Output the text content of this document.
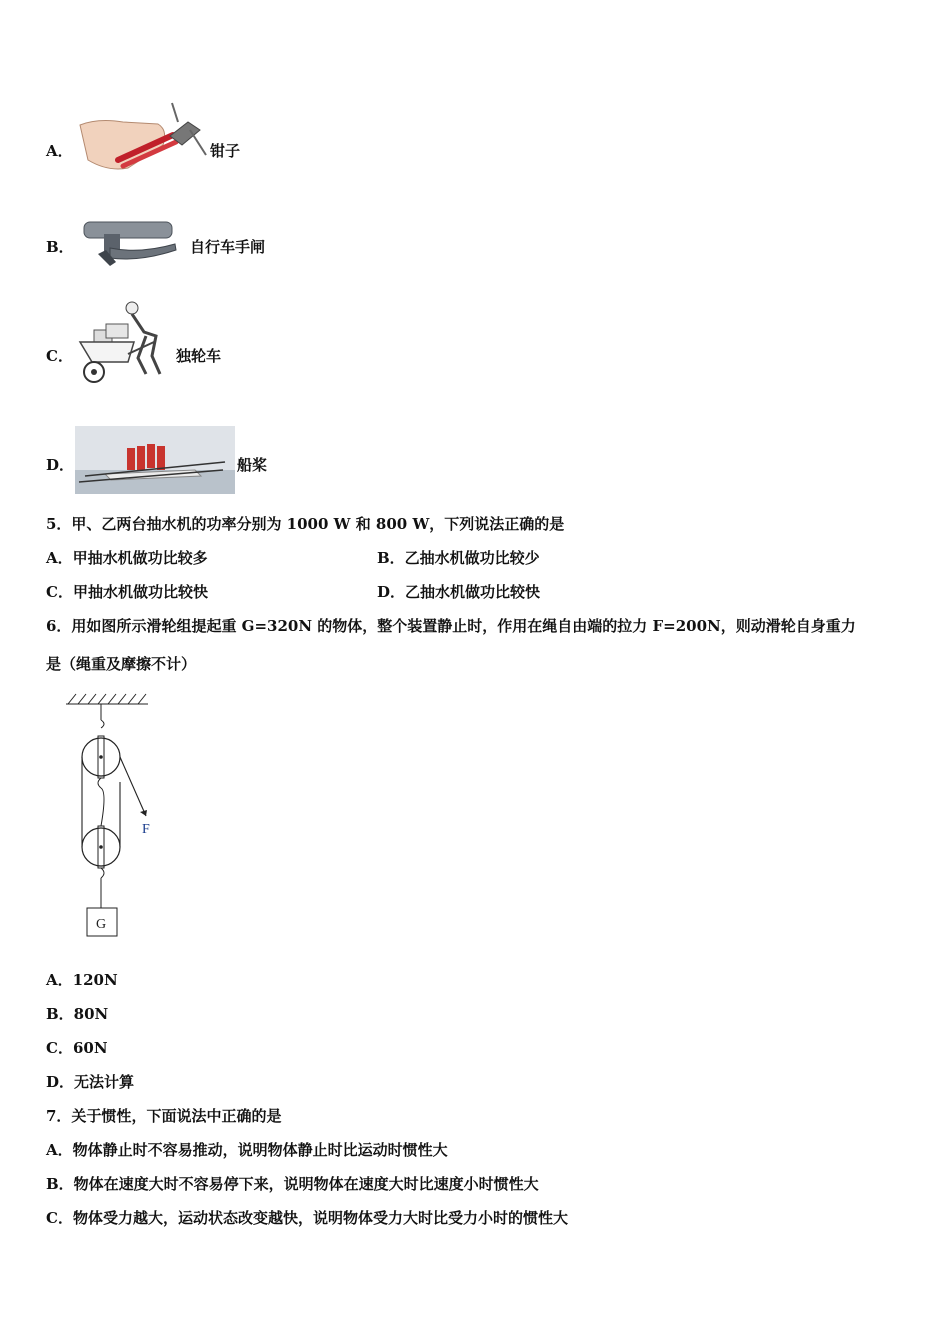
A．	钳子
B．	自行车手闸
C．	独轮车
D．	船桨
5．甲、乙两台抽水机的功率分别为 1000 W 和 800 W，下列说法正确的是
A．甲抽水机做功比较多	B．乙抽水机做功比较少
C．甲抽水机做功比较快	D．乙抽水机做功比较快
6．用如图所示滑轮组提起重 G=320N 的物体，整个装置静止时，作用在绳自由端的拉力 F=200N，则动滑轮自身重力
是（绳重及摩擦不计）
F
G
A．120N
B．80N
C．60N
D．无法计算
7．关于惯性，下面说法中正确的是
A．物体静止时不容易推动，说明物体静止时比运动时惯性大
B．物体在速度大时不容易停下来，说明物体在速度大时比速度小时惯性大
C．物体受力越大，运动状态改变越快，说明物体受力大时比受力小时的惯性大
